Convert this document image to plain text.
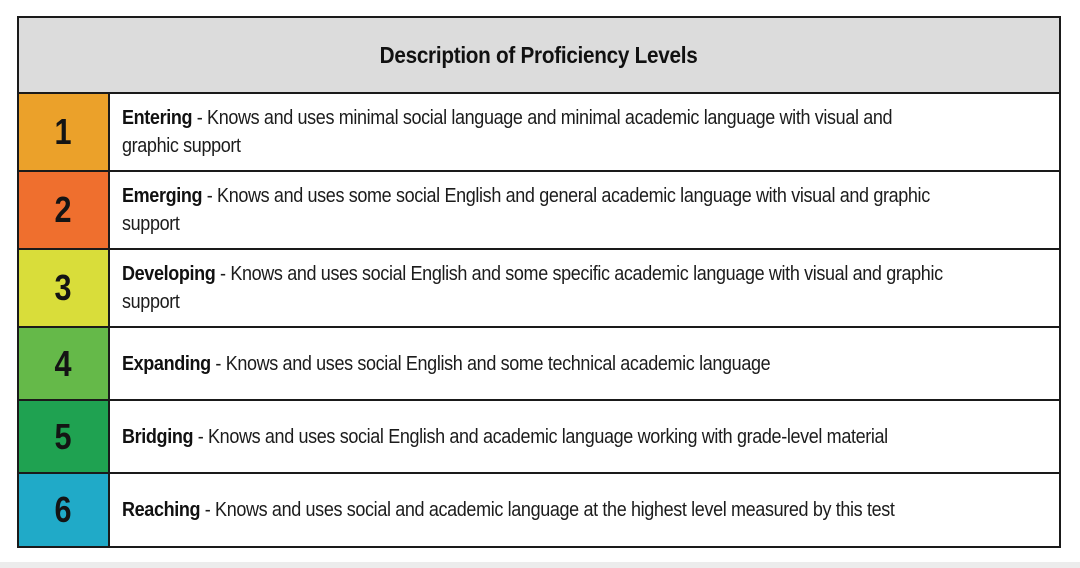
Description of Proficiency Levels
1 Entering - Knows and uses minimal social language and minimal academic language with visual and graphic support
2 Emerging - Knows and uses some social English and general academic language with visual and graphic support
3 Developing - Knows and uses social English and some specific academic language with visual and graphic support
4 Expanding - Knows and uses social English and some technical academic language
5 Bridging - Knows and uses social English and academic language working with grade-level material
6 Reaching - Knows and uses social and academic language at the highest level measured by this test
